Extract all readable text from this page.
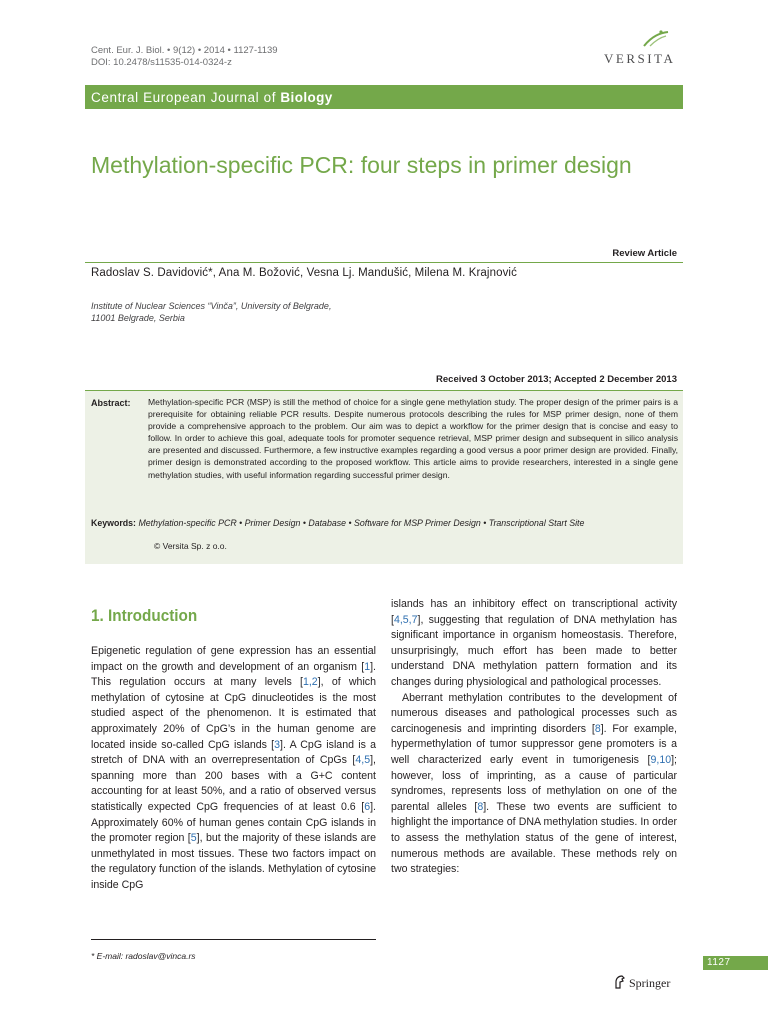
Cent. Eur. J. Biol. • 9(12) • 2014 • 1127-1139
DOI: 10.2478/s11535-014-0324-z	VERSITA
Central European Journal of Biology
Methylation-specific PCR: four steps in primer design
Review Article
Radoslav S. Davidović*, Ana M. Božović, Vesna Lj. Mandušić, Milena M. Krajnović
Institute of Nuclear Sciences “Vinča”, University of Belgrade,
11001 Belgrade, Serbia
Received 3 October 2013; Accepted 2 December 2013
Abstract: Methylation-specific PCR (MSP) is still the method of choice for a single gene methylation study. The proper design of the primer pairs is a prerequisite for obtaining reliable PCR results. Despite numerous protocols describing the rules for MSP primer design, none of them provide a comprehensive approach to the problem. Our aim was to depict a workflow for the primer design that is concise and easy to follow. In order to achieve this goal, adequate tools for promoter sequence retrieval, MSP primer design and subsequent in silico analysis are presented and discussed. Furthermore, a few instructive examples regarding a good versus a poor primer design are provided. Finally, primer design is demonstrated according to the proposed workflow. This article aims to provide researchers, interested in a single gene methylation studies, with useful information regarding successful primer design.
Keywords: Methylation-specific PCR • Primer Design • Database • Software for MSP Primer Design • Transcriptional Start Site
© Versita Sp. z o.o.
1. Introduction

Epigenetic regulation of gene expression has an essential impact on the growth and development of an organism [1]. This regulation occurs at many levels [1,2], of which methylation of cytosine at CpG dinucleotides is the most studied aspect of the phenomenon. It is estimated that approximately 20% of CpG’s in the human genome are located inside so-called CpG islands [3]. A CpG island is a stretch of DNA with an overrepresentation of CpGs [4,5], spanning more than 200 bases with a G+C content accounting for at least 50%, and a ratio of observed versus statistically expected CpG frequencies of at least 0.6 [6]. Approximately 60% of human genes contain CpG islands in the promoter region [5], but the majority of these islands are unmethylated in most tissues. These two factors impact on the regulatory function of the islands. Methylation of cytosine inside CpG

islands has an inhibitory effect on transcriptional activity [4,5,7], suggesting that regulation of DNA methylation has significant importance in organism homeostasis. Therefore, unsurprisingly, much effort has been made to better understand DNA methylation pattern formation and its changes during physiological and pathological processes.

Aberrant methylation contributes to the development of numerous diseases and pathological processes such as carcinogenesis and imprinting disorders [8]. For example, hypermethylation of tumor suppressor gene promoters is a well characterized early event in tumorigenesis [9,10]; however, loss of imprinting, as a cause of particular syndromes, represents loss of methylation on one of the parental alleles [8]. These two events are sufficient to highlight the importance of DNA methylation studies. In order to assess the methylation status of the gene of interest, numerous methods are available. These methods rely on two strategies:

* E-mail: radoslav@vinca.rs
1127
Springer
